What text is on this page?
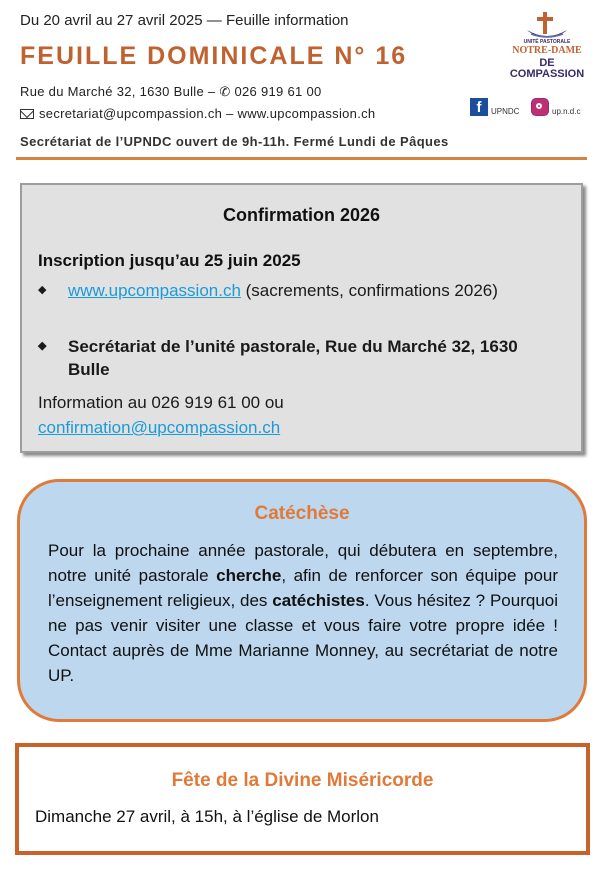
Du 20 avril au 27 avril 2025 — Feuille information
FEUILLE DOMINICALE N° 16
Rue du Marché 32, 1630 Bulle – ✆ 026 919 61 00
secretariat@upcompassion.ch – www.upcompassion.ch
Secrétariat de l’UPNDC ouvert de 9h-11h. Fermé Lundi de Pâques
UNITÉ PASTORALE
NOTRE-DAME
DE COMPASSION
f	UPNDC	up.n.d.c
Confirmation 2026
Inscription jusqu’au 25 juin 2025
◆ www.upcompassion.ch (sacrements, confirmations 2026)
◆ Secrétariat de l’unité pastorale, Rue du Marché 32, 1630 Bulle
Information au 026 919 61 00 ou
confirmation@upcompassion.ch
Catéchèse
Pour la prochaine année pastorale, qui débutera en septembre, notre unité pastorale cherche, afin de renforcer son équipe pour l’enseignement religieux, des catéchistes. Vous hésitez ? Pourquoi ne pas venir visiter une classe et vous faire votre propre idée ! Contact auprès de Mme Marianne Monney, au secrétariat de notre UP.
Fête de la Divine Miséricorde
Dimanche 27 avril, à 15h, à l’église de Morlon
